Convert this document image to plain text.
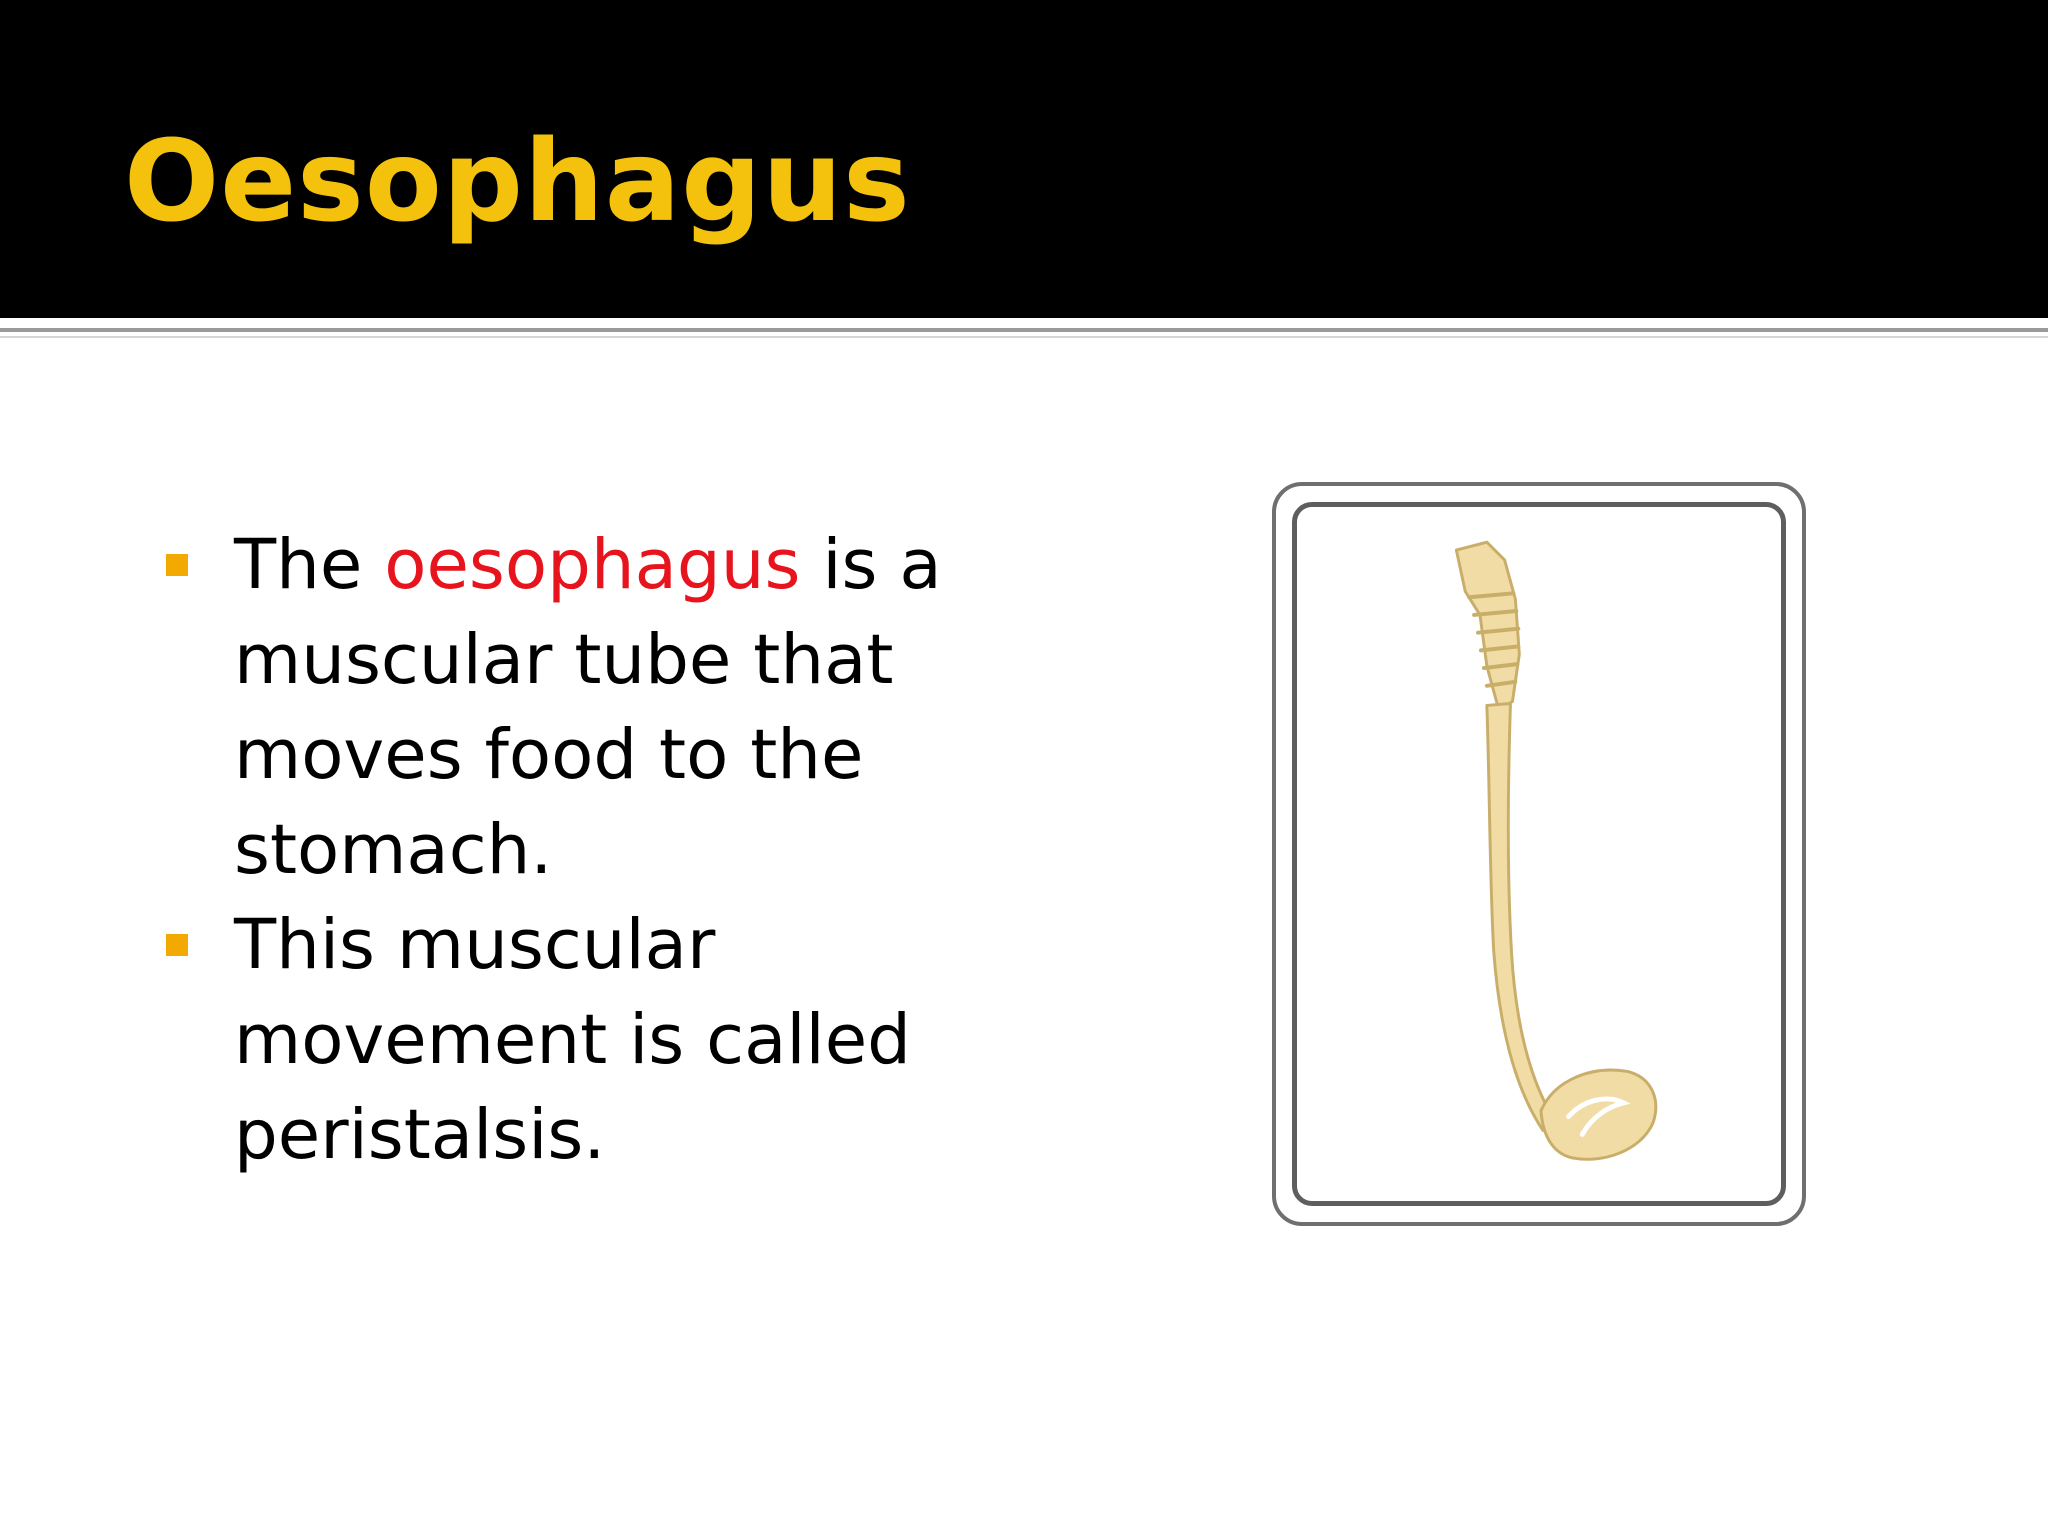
Oesophagus
The oesophagus is a muscular tube that moves food to the stomach.
This muscular movement is called peristalsis.
